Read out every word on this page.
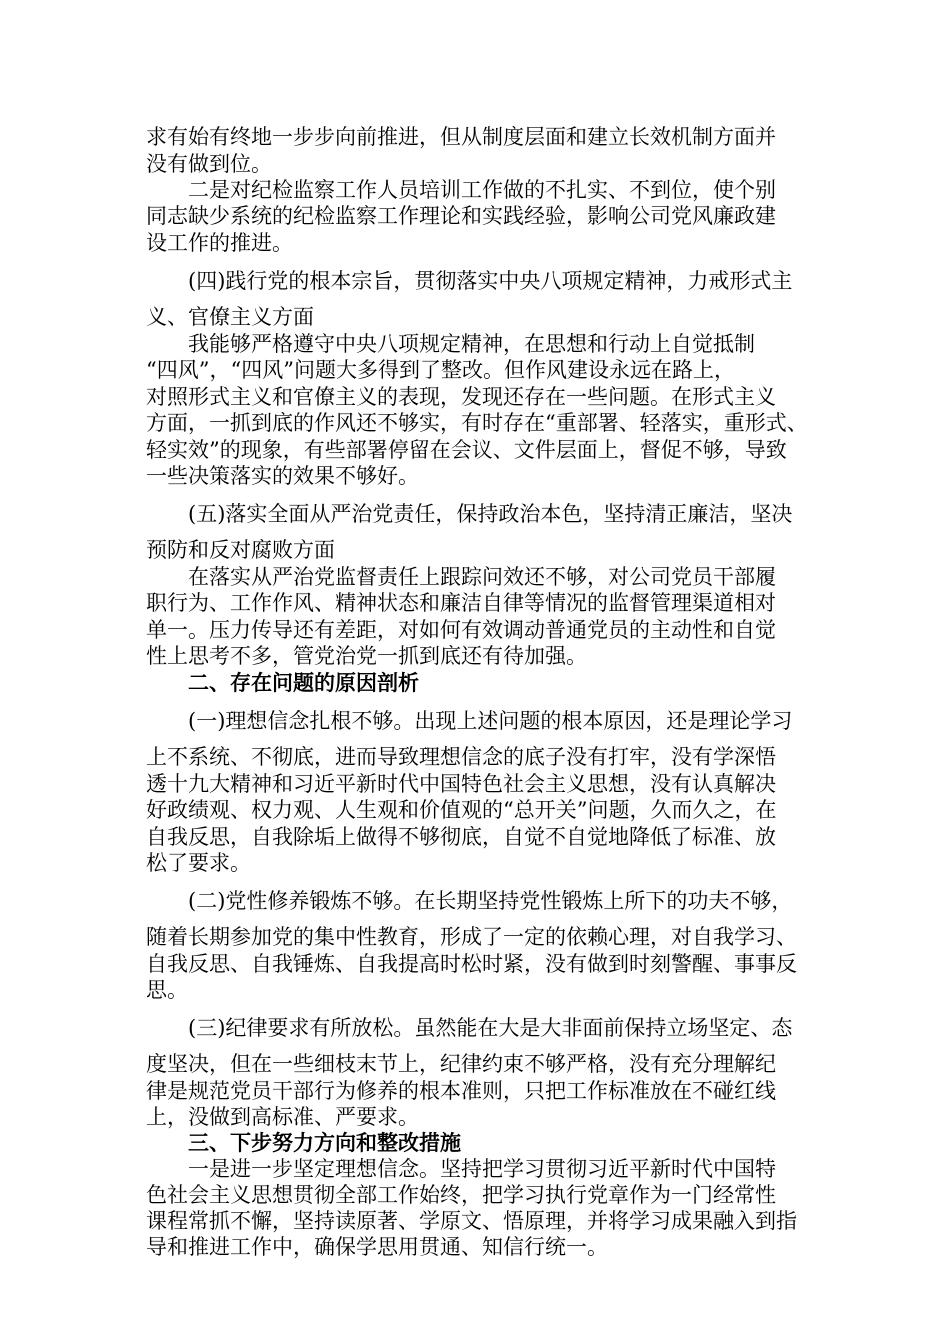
求有始有终地一步步向前推进，但从制度层面和建立长效机制方面并
没有做到位。
二是对纪检监察工作人员培训工作做的不扎实、不到位，使个别
同志缺少系统的纪检监察工作理论和实践经验，影响公司党风廉政建
设工作的推进。
(四)践行党的根本宗旨，贯彻落实中央八项规定精神，力戒形式主
义、官僚主义方面
我能够严格遵守中央八项规定精神，在思想和行动上自觉抵制
“四风”，“四风”问题大多得到了整改。但作风建设永远在路上，
对照形式主义和官僚主义的表现，发现还存在一些问题。在形式主义
方面，一抓到底的作风还不够实，有时存在“重部署、轻落实，重形式、
轻实效”的现象，有些部署停留在会议、文件层面上，督促不够，导致
一些决策落实的效果不够好。
(五)落实全面从严治党责任，保持政治本色，坚持清正廉洁，坚决
预防和反对腐败方面
在落实从严治党监督责任上跟踪问效还不够，对公司党员干部履
职行为、工作作风、精神状态和廉洁自律等情况的监督管理渠道相对
单一。压力传导还有差距，对如何有效调动普通党员的主动性和自觉
性上思考不多，管党治党一抓到底还有待加强。
二、存在问题的原因剖析
(一)理想信念扎根不够。出现上述问题的根本原因，还是理论学习
上不系统、不彻底，进而导致理想信念的底子没有打牢，没有学深悟
透十九大精神和习近平新时代中国特色社会主义思想，没有认真解决
好政绩观、权力观、人生观和价值观的“总开关”问题，久而久之，在
自我反思，自我除垢上做得不够彻底，自觉不自觉地降低了标准、放
松了要求。
(二)党性修养锻炼不够。在长期坚持党性锻炼上所下的功夫不够，
随着长期参加党的集中性教育，形成了一定的依赖心理，对自我学习、
自我反思、自我锤炼、自我提高时松时紧，没有做到时刻警醒、事事反
思。
(三)纪律要求有所放松。虽然能在大是大非面前保持立场坚定、态
度坚决，但在一些细枝末节上，纪律约束不够严格，没有充分理解纪
律是规范党员干部行为修养的根本准则，只把工作标准放在不碰红线
上，没做到高标准、严要求。
三、下步努力方向和整改措施
一是进一步坚定理想信念。坚持把学习贯彻习近平新时代中国特
色社会主义思想贯彻全部工作始终，把学习执行党章作为一门经常性
课程常抓不懈，坚持读原著、学原文、悟原理，并将学习成果融入到指
导和推进工作中，确保学思用贯通、知信行统一。
